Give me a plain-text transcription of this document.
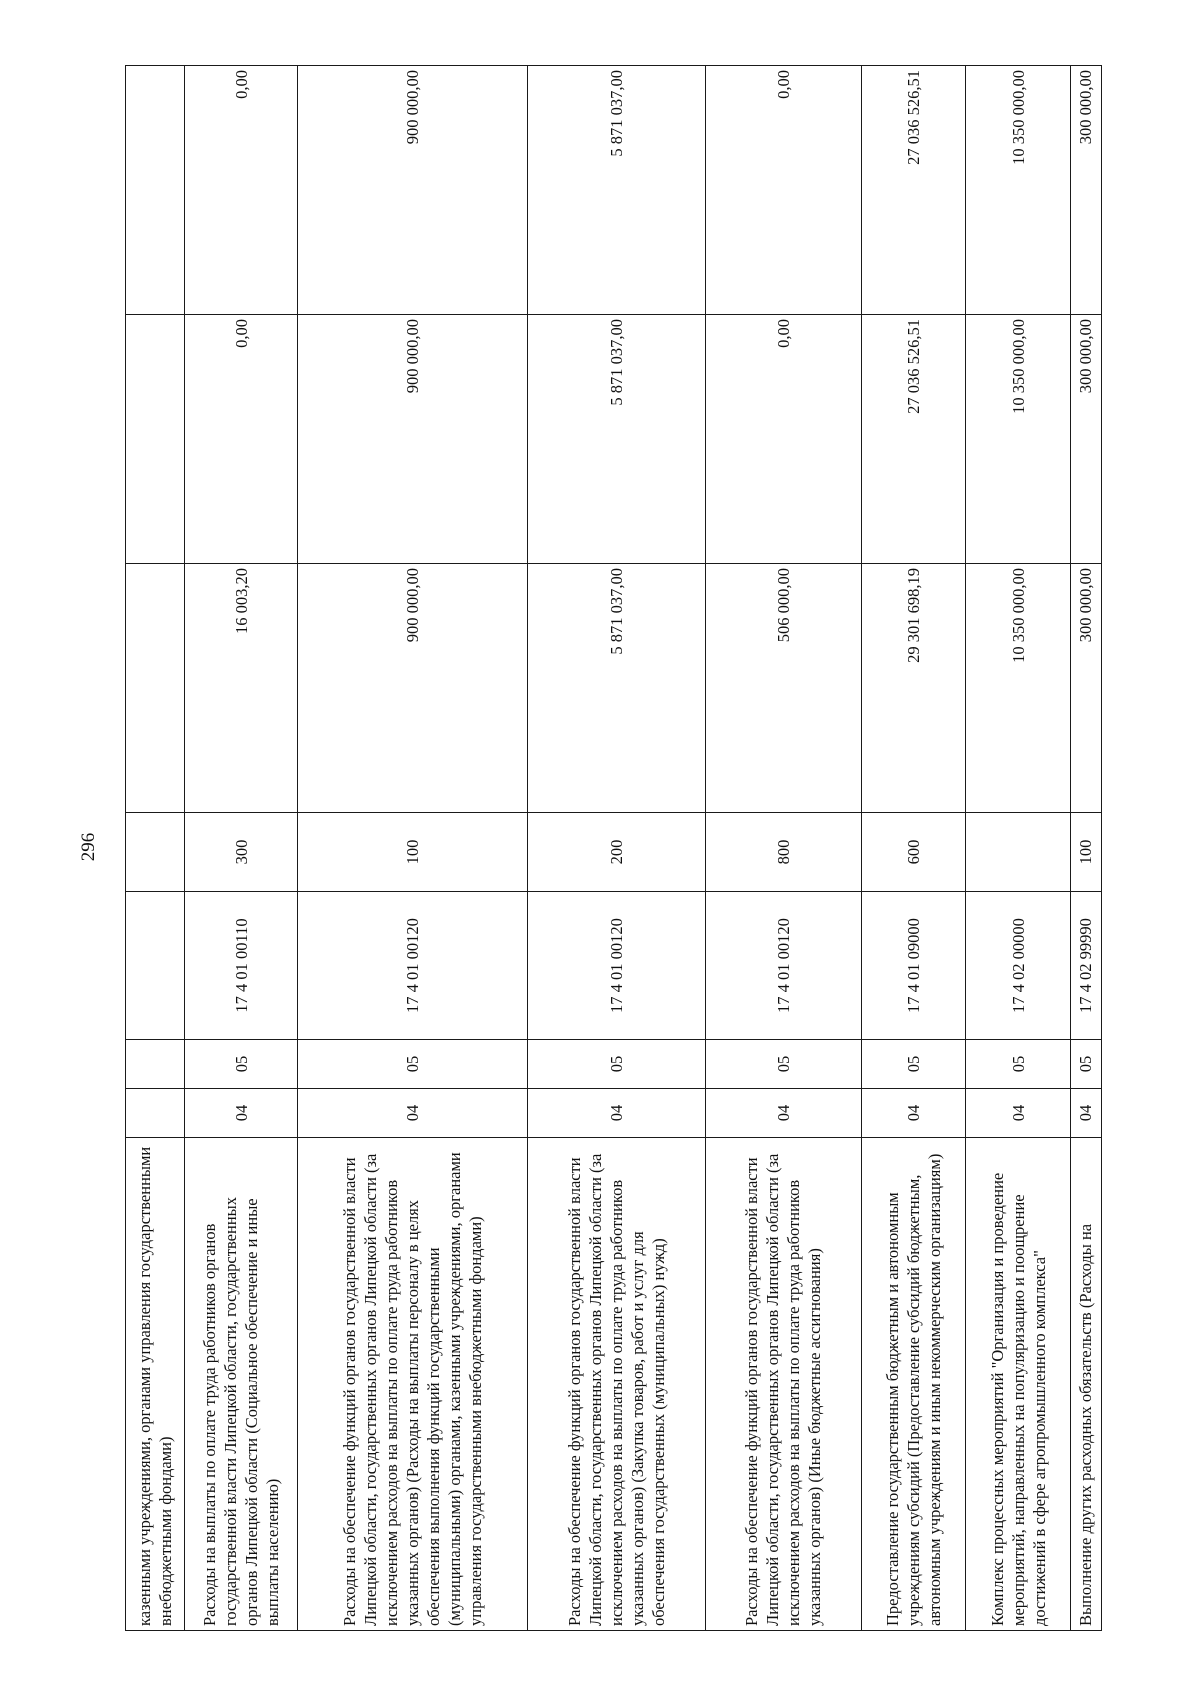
296
казенными учреждениями, органами управления государственными внебюджетными фондами)							
Расходы на выплаты по оплате труда работников органов государственной власти Липецкой области, государственных органов Липецкой области (Социальное обеспечение и иные выплаты населению)	04	05	17 4 01 00110	300	16 003,20	0,00	0,00
Расходы на обеспечение функций органов государственной власти Липецкой области, государственных органов Липецкой области (за исключением расходов на выплаты по оплате труда работников указанных органов) (Расходы на выплаты персоналу в целях обеспечения выполнения функций государственными (муниципальными) органами, казенными учреждениями, органами управления государственными внебюджетными фондами)	04	05	17 4 01 00120	100	900 000,00	900 000,00	900 000,00
Расходы на обеспечение функций органов государственной власти Липецкой области, государственных органов Липецкой области (за исключением расходов на выплаты по оплате труда работников указанных органов) (Закупка товаров, работ и услуг для обеспечения государственных (муниципальных) нужд)	04	05	17 4 01 00120	200	5 871 037,00	5 871 037,00	5 871 037,00
Расходы на обеспечение функций органов государственной власти Липецкой области, государственных органов Липецкой области (за исключением расходов на выплаты по оплате труда работников указанных органов) (Иные бюджетные ассигнования)	04	05	17 4 01 00120	800	506 000,00	0,00	0,00
Предоставление государственным бюджетным и автономным учреждениям субсидий (Предоставление субсидий бюджетным, автономным учреждениям и иным некоммерческим организациям)	04	05	17 4 01 09000	600	29 301 698,19	27 036 526,51	27 036 526,51
Комплекс процессных мероприятий "Организация и проведение мероприятий, направленных на популяризацию и поощрение достижений в сфере агропромышленного комплекса"	04	05	17 4 02 00000		10 350 000,00	10 350 000,00	10 350 000,00
Выполнение других расходных обязательств (Расходы на	04	05	17 4 02 99990	100	300 000,00	300 000,00	300 000,00
